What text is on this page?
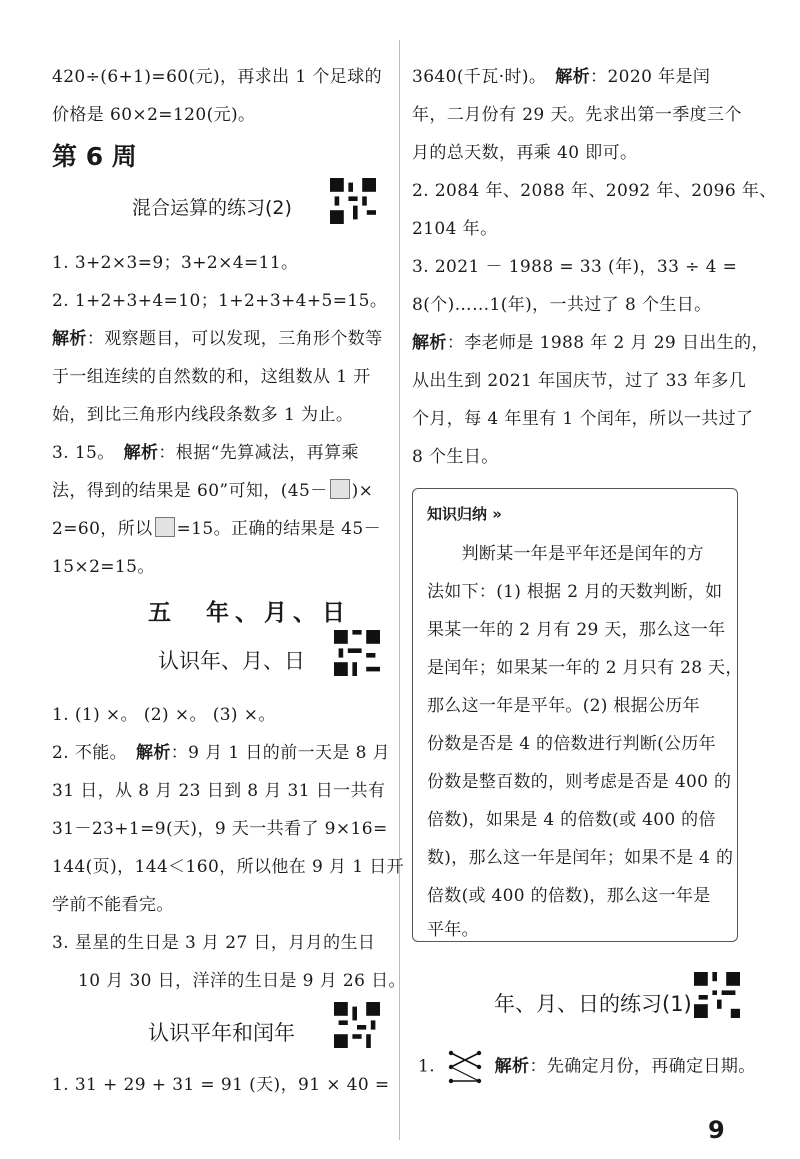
420÷(6+1)=60(元)，再求出 1 个足球的
价格是 60×2=120(元)。
第 6 周
混合运算的练习(2)
1. 3+2×3=9；3+2×4=11。
2. 1+2+3+4=10；1+2+3+4+5=15。
解析：观察题目，可以发现，三角形个数等
于一组连续的自然数的和，这组数从 1 开
始，到比三角形内线段条数多 1 为止。
3. 15。　 解析：根据“先算减法，再算乘
法，得到的结果是 60”可知，(45－ )×
2=60，所以 =15。正确的结果是 45－
15×2=15。
五　年、月、日
认识年、月、日
1. (1) ×。 (2) ×。 (3) ×。
2. 不能。　 解析：9 月 1 日的前一天是 8 月
31 日，从 8 月 23 日到 8 月 31 日一共有
31－23+1=9(天)，9 天一共看了 9×16=
144(页)，144＜160，所以他在 9 月 1 日开
学前不能看完。
3. 星星的生日是 3 月 27 日，月月的生日
10 月 30 日，洋洋的生日是 9 月 26 日。
认识平年和闰年
1. 31 + 29 + 31 = 91 (天)，91 × 40 =
3640(千瓦·时)。　 解析：2020 年是闰
年，二月份有 29 天。先求出第一季度三个
月的总天数，再乘 40 即可。
2. 2084 年、2088 年、2092 年、2096 年、
2104 年。
3. 2021 － 1988 = 33 (年)，33 ÷ 4 =
8(个)……1(年)，一共过了 8 个生日。
解析：李老师是 1988 年 2 月 29 日出生的，
从出生到 2021 年国庆节，过了 33 年多几
个月，每 4 年里有 1 个闰年，所以一共过了
8 个生日。
知识归纳 »
　　判断某一年是平年还是闰年的方
法如下：(1) 根据 2 月的天数判断，如
果某一年的 2 月有 29 天，那么这一年
是闰年；如果某一年的 2 月只有 28 天，
那么这一年是平年。(2) 根据公历年
份数是否是 4 的倍数进行判断(公历年
份数是整百数的，则考虑是否是 400 的
倍数)，如果是 4 的倍数(或 400 的倍
数)，那么这一年是闰年；如果不是 4 的
倍数(或 400 的倍数)，那么这一年是
平年。
年、月、日的练习(1)
1.	解析：先确定月份，再确定日期。
9
